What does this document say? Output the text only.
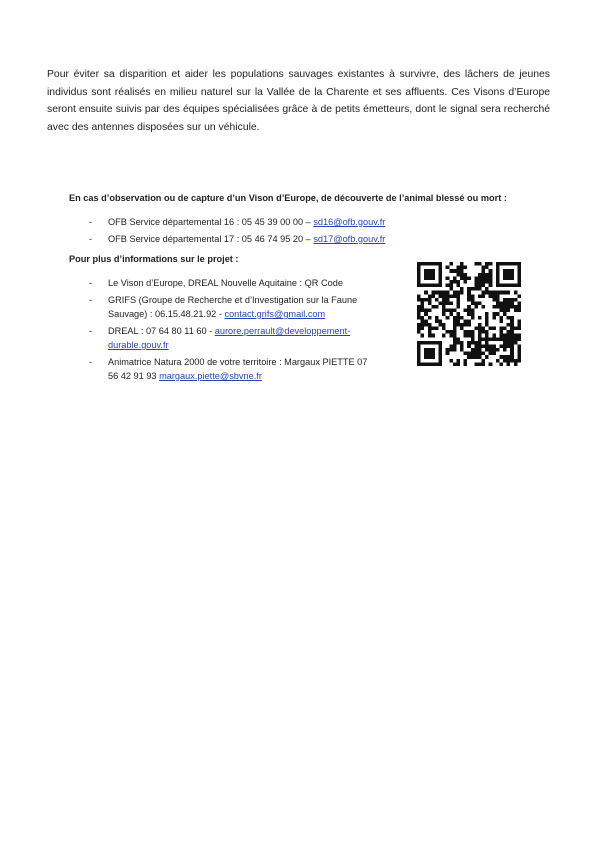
Pour éviter sa disparition et aider les populations sauvages existantes à survivre, des lâchers de jeunes individus sont réalisés en milieu naturel sur la Vallée de la Charente et ses affluents. Ces Visons d’Europe seront ensuite suivis par des équipes spécialisées grâce à de petits émetteurs, dont le signal sera recherché avec des antennes disposées sur un véhicule.

En cas d’observation ou de capture d’un Vison d’Europe, de découverte de l’animal blessé ou mort :

- OFB Service départemental 16 : 05 45 39 00 00 – sd16@ofb.gouv.fr
- OFB Service départemental 17 : 05 46 74 95 20 – sd17@ofb.gouv.fr

Pour plus d’informations sur le projet :

- Le Vison d’Europe, DREAL Nouvelle Aquitaine : QR Code
- GRIFS (Groupe de Recherche et d’Investigation sur la Faune Sauvage) : 06.15.48.21.92 - contact.grifs@gmail.com
- DREAL : 07 64 80 11 60 - aurore.perrault@developpement-durable.gouv.fr
- Animatrice Natura 2000 de votre territoire : Margaux PIETTE 07 56 42 91 93 margaux.piette@sbvne.fr
